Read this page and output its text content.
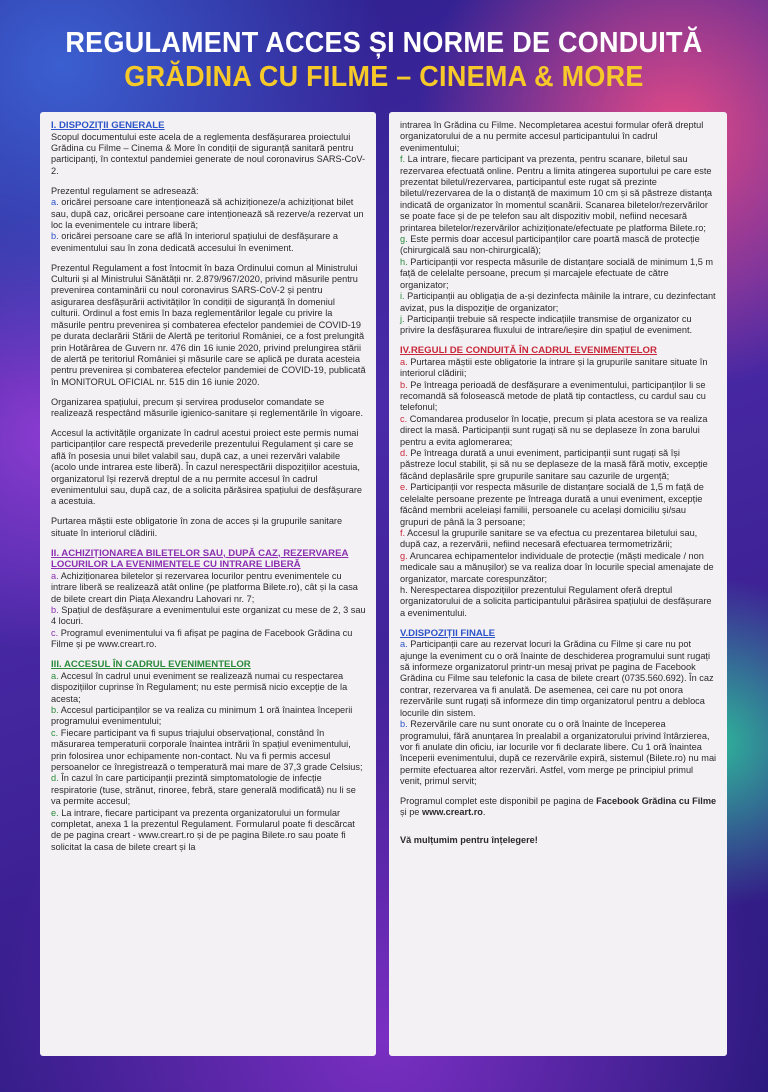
REGULAMENT ACCES ȘI NORME DE CONDUITĂ
GRĂDINA CU FILME – CINEMA & MORE
I. DISPOZIȚII GENERALE

Scopul documentului este acela de a reglementa desfășurarea proiectului Grădina cu Filme – Cinema & More în condiții de siguranță sanitară pentru participanți, în contextul pandemiei generate de noul coronavirus SARS-CoV-2.

Prezentul regulament se adresează:

a. oricărei persoane care intenționează să achiziționeze/a achiziționat bilet sau, după caz, oricărei persoane care intenționează să rezerve/a rezervat un loc la evenimentele cu intrare liberă;

b. oricărei persoane care se află în interiorul spațiului de desfășurare a evenimentului sau în zona dedicată accesului în eveniment.

Prezentul Regulament a fost întocmit în baza Ordinului comun al Ministrului Culturii și al Ministrului Sănătății nr. 2.879/967/2020, privind măsurile pentru prevenirea contaminării cu noul coronavirus SARS-CoV-2 și pentru asigurarea desfășurării activităților în condiții de siguranță în domeniul culturii. Ordinul a fost emis în baza reglementărilor legale cu privire la măsurile pentru prevenirea și combaterea efectelor pandemiei de COVID-19 pe durata declarării Stării de Alertă pe teritoriul României, ce a fost prelungită prin Hotărârea de Guvern nr. 476 din 16 iunie 2020, privind prelungirea stării de alertă pe teritoriul României și măsurile care se aplică pe durata acesteia pentru prevenirea și combaterea efectelor pandemiei de COVID-19, publicată în MONITORUL OFICIAL nr. 515 din 16 iunie 2020.

Organizarea spațiului, precum și servirea produselor comandate se realizează respectând măsurile igienico-sanitare și reglementările în vigoare.

Accesul la activitățile organizate în cadrul acestui proiect este permis numai participanților care respectă prevederile prezentului Regulament și care se află în posesia unui bilet valabil sau, după caz, a unei rezervări valabile (acolo unde intrarea este liberă). În cazul nerespectării dispozițiilor acestuia, organizatorul își rezervă dreptul de a nu permite accesul în cadrul evenimentului sau, după caz, de a solicita părăsirea spațiului de desfășurare a acestuia.

Purtarea măștii este obligatorie în zona de acces și la grupurile sanitare situate în interiorul clădirii.

II. ACHIZIȚIONAREA BILETELOR SAU, DUPĂ CAZ, REZERVAREA LOCURILOR LA EVENIMENTELE CU INTRARE LIBERĂ
a. Achiziționarea biletelor și rezervarea locurilor pentru evenimentele cu intrare liberă se realizează atât online (pe platforma Bilete.ro), cât și la casa de bilete creart din Piața Alexandru Lahovari nr. 7;
b. Spațiul de desfășurare a evenimentului este organizat cu mese de 2, 3 sau 4 locuri.

c. Programul evenimentului va fi afișat pe pagina de Facebook Grădina cu Filme și pe www.creart.ro.

III. ACCESUL ÎN CADRUL EVENIMENTELOR
a. Accesul în cadrul unui eveniment se realizează numai cu respectarea dispozițiilor cuprinse în Regulament; nu este permisă nicio excepție de la acesta;
b. Accesul participanților se va realiza cu minimum 1 oră înaintea începerii programului evenimentului;
c. Fiecare participant va fi supus triajului observațional, constând în măsurarea temperaturii corporale înaintea intrării în spațiul evenimentului, prin folosirea unor echipamente non-contact. Nu va fi permis accesul persoanelor ce înregistrează o temperatură mai mare de 37,3 grade Celsius;
d. În cazul în care participanții prezintă simptomatologie de infecție respiratorie (tuse, strănut, rinoree, febră, stare generală modificată) nu li se va permite accesul;
e. La intrare, fiecare participant va prezenta organizatorului un formular completat, anexa 1 la prezentul Regulament. Formularul poate fi descărcat de pe pagina creart - www.creart.ro și de pe pagina Bilete.ro sau poate fi solicitat la casa de bilete creart și la
intrarea în Grădina cu Filme. Necompletarea acestui formular oferă dreptul organizatorului de a nu permite accesul participantului în cadrul evenimentului;
f. La intrare, fiecare participant va prezenta, pentru scanare, biletul sau rezervarea efectuată online. Pentru a limita atingerea suportului pe care este prezentat biletul/rezervarea, participantul este rugat să prezinte biletul/rezervarea de la o distanță de maximum 10 cm și să păstreze distanța indicată de organizator în momentul scanării. Scanarea biletelor/rezervărilor se poate face și de pe telefon sau alt dispozitiv mobil, nefiind necesară printarea biletelor/rezervărilor achiziționate/efectuate pe platforma Bilete.ro;
g. Este permis doar accesul participanților care poartă mască de protecție (chirurgicală sau non-chirurgicală);
h. Participanții vor respecta măsurile de distanțare socială de minimum 1,5 m față de celelalte persoane, precum și marcajele efectuate de către organizator;
i. Participanții au obligația de a-și dezinfecta mâinile la intrare, cu dezinfectant avizat, pus la dispoziție de organizator;

j. Participanții trebuie să respecte indicațiile transmise de organizator cu privire la desfășurarea fluxului de intrare/ieșire din spațiul de eveniment.

IV.REGULI DE CONDUITĂ ÎN CADRUL EVENIMENTELOR
a. Purtarea măștii este obligatorie la intrare și la grupurile sanitare situate în interiorul clădirii;
b. Pe întreaga perioadă de desfășurare a evenimentului, participanților li se recomandă să folosească metode de plată tip contactless, cu cardul sau cu telefonul;
c. Comandarea produselor în locație, precum și plata acestora se va realiza direct la masă. Participanții sunt rugați să nu se deplaseze în zona barului pentru a evita aglomerarea;
d. Pe întreaga durată a unui eveniment, participanții sunt rugați să își păstreze locul stabilit, și să nu se deplaseze de la masă fără motiv, excepție făcând deplasările spre grupurile sanitare sau cazurile de urgență;
e. Participanții vor respecta măsurile de distanțare socială de 1,5 m față de celelalte persoane prezente pe întreaga durată a unui eveniment, excepție făcând membrii aceleiași familii, persoanele cu același domiciliu și/sau grupuri de până la 3 persoane;
f. Accesul la grupurile sanitare se va efectua cu prezentarea biletului sau, după caz, a rezervării, nefiind necesară efectuarea termometrizării;
g. Aruncarea echipamentelor individuale de protecție (măști medicale / non medicale sau a mănușilor) se va realiza doar în locurile special amenajate de organizator, marcate corespunzător;

h. Nerespectarea dispozițiilor prezentului Regulament oferă dreptul organizatorului de a solicita participantului părăsirea spațiului de desfășurare a evenimentului.

V.DISPOZIȚII FINALE
a. Participanții care au rezervat locuri la Grădina cu Filme și care nu pot ajunge la eveniment cu o oră înainte de deschiderea programului sunt rugați să informeze organizatorul printr-un mesaj privat pe pagina de Facebook Grădina cu Filme sau telefonic la casa de bilete creart (0735.560.692). În caz contrar, rezervarea va fi anulată. De asemenea, cei care nu pot onora rezervările sunt rugați să informeze din timp organizatorul pentru a debloca locurile din sistem.

b. Rezervările care nu sunt onorate cu o oră înainte de începerea programului, fără anunțarea în prealabil a organizatorului privind întârzierea, vor fi anulate din oficiu, iar locurile vor fi declarate libere. Cu 1 oră înaintea începerii evenimentului, după ce rezervările expiră, sistemul (Bilete.ro) nu mai permite efectuarea altor rezervări. Astfel, vom merge pe principiul primul venit, primul servit;

Programul complet este disponibil pe pagina de Facebook Grădina cu Filme și pe www.creart.ro.

Vă mulțumim pentru înțelegere!
